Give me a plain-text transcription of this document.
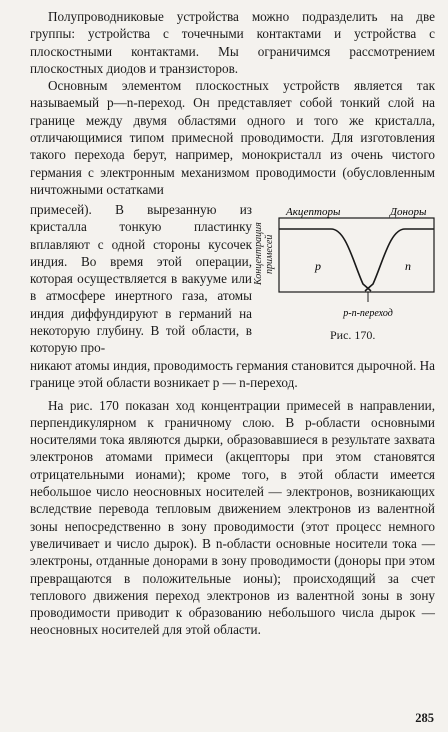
Полупроводниковые устройства можно подразделить на две группы: устройства с точечными контактами и устройства с плоскостными контактами. Мы ограничимся рассмотрением плоскостных диодов и транзисторов.

Основным элементом плоскостных устройств является так называемый p—n-переход. Он представляет собой тонкий слой на границе между двумя областями одного и того же кристалла, отличающимися типом примесной проводимости. Для изготовления такого перехода берут, например, монокристалл из очень чистого германия с электронным механизмом проводимости (обусловленным ничтожными остатками

примесей). В вырезанную из кристалла тонкую пластинку вплавляют с одной стороны кусочек индия. Во время этой операции, которая осуществляется в вакууме или в атмосфере инертного газа, атомы индия диффундируют в германий на некоторую глубину. В той области, в которую про-

Концентрация примесей
Акцепторы	Доноры
p	n
p-n-переход
Рис. 170.

никают атомы индия, проводимость германия становится дырочной. На границе этой области возникает p — n-переход.

На рис. 170 показан ход концентрации примесей в направлении, перпендикулярном к граничному слою. В p-области основными носителями тока являются дырки, образовавшиеся в результате захвата электронов атомами примеси (акцепторы при этом становятся отрицательными ионами); кроме того, в этой области имеется небольшое число неосновных носителей — электронов, возникающих вследствие перевода тепловым движением электронов из валентной зоны непосредственно в зону проводимости (этот процесс немного увеличивает и число дырок). В n-области основные носители тока — электроны, отданные донорами в зону проводимости (доноры при этом превращаются в положительные ионы); происходящий за счет теплового движения переход электронов из валентной зоны в зону проводимости приводит к образованию небольшого числа дырок — неосновных носителей для этой области.

285
